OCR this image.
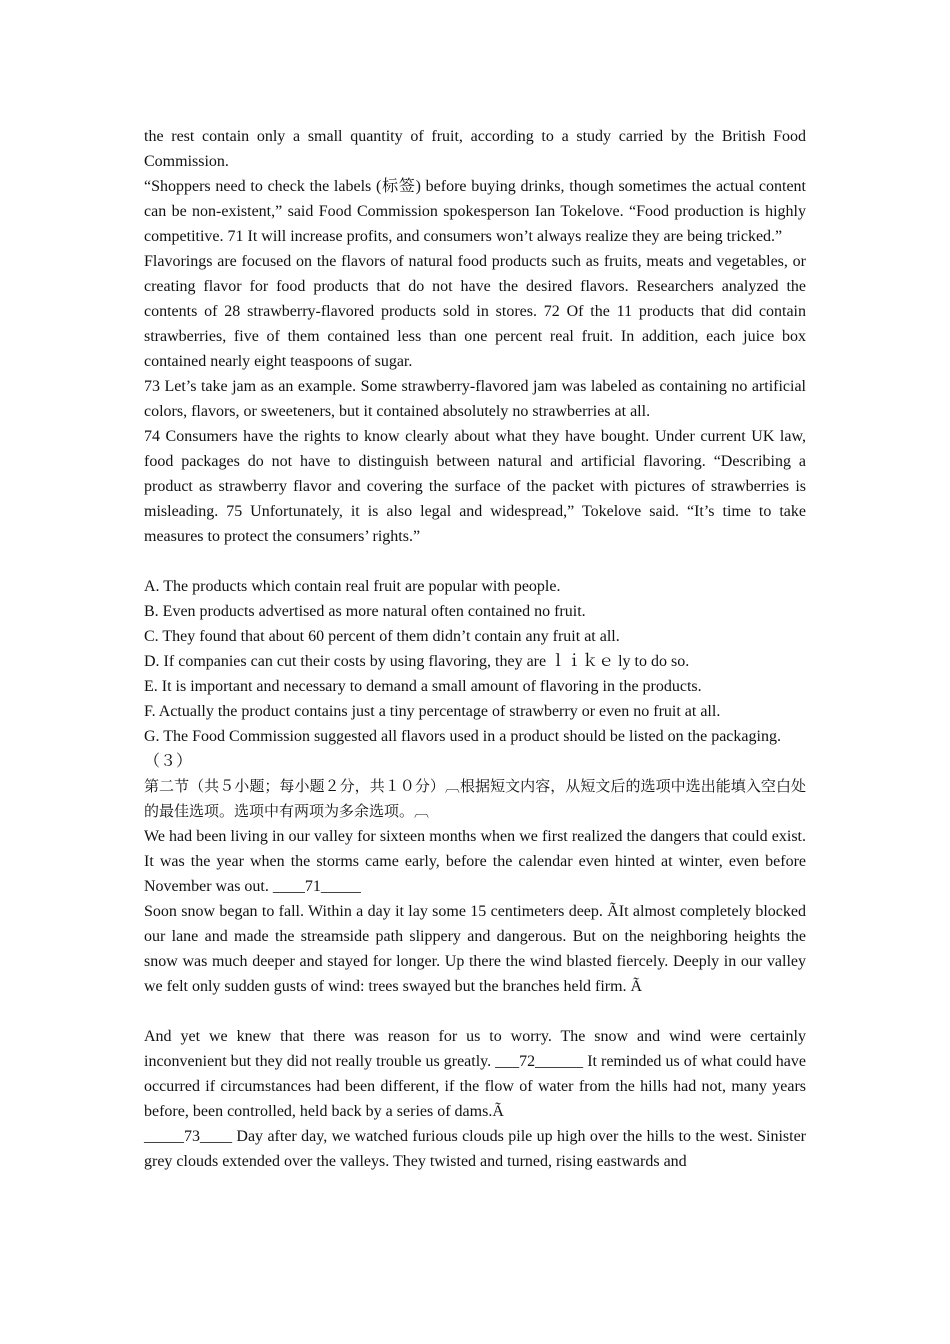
the rest contain only a small quantity of fruit, according to a study carried by the British Food Commission.

“Shoppers need to check the labels (标签) before buying drinks, though sometimes the actual content can be non-existent,” said Food Commission spokesperson Ian Tokelove. “Food production is highly competitive. 71 It will increase profits, and consumers won’t always realize they are being tricked.”

Flavorings are focused on the flavors of natural food products such as fruits, meats and vegetables, or creating flavor for food products that do not have the desired flavors. Researchers analyzed the contents of 28 strawberry-flavored products sold in stores. 72 Of the 11 products that did contain strawberries, five of them contained less than one percent real fruit. In addition, each juice box contained nearly eight teaspoons of sugar.

73 Let’s take jam as an example. Some strawberry-flavored jam was labeled as containing no artificial colors, flavors, or sweeteners, but it contained absolutely no strawberries at all.

74 Consumers have the rights to know clearly about what they have bought. Under current UK law, food packages do not have to distinguish between natural and artificial flavoring. “Describing a product as strawberry flavor and covering the surface of the packet with pictures of strawberries is misleading. 75 Unfortunately, it is also legal and widespread,” Tokelove said. “It’s time to take measures to protect the consumers’ rights.”

A. The products which contain real fruit are popular with people.

B. Even products advertised as more natural often contained no fruit.

C. They found that about 60 percent of them didn’t contain any fruit at all.

D. If companies can cut their costs by using flavoring, they are ｌｉｋｅ ly to do so.

E. It is important and necessary to demand a small amount of flavoring in the products.

F. Actually the product contains just a tiny percentage of strawberry or even no fruit at all.

G. The Food Commission suggested all flavors used in a product should be listed on the packaging.

（３）

第二节（共５小题；每小题２分，共１０分）︹根据短文内容，从短文后的选项中选出能填入空白处的最佳选项。选项中有两项为多余选项。︹

We had been living in our valley for sixteen months when we first realized the dangers that could exist. It was the year when the storms came early, before the calendar even hinted at winter, even before November was out. ____71_____

Soon snow began to fall. Within a day it lay some 15 centimeters deep. ÃIt almost completely blocked our lane and made the streamside path slippery and dangerous. But on the neighboring heights the snow was much deeper and stayed for longer. Up there the wind blasted fiercely. Deeply in our valley we felt only sudden gusts of wind: trees swayed but the branches held firm. Ã

And yet we knew that there was reason for us to worry. The snow and wind were certainly inconvenient but they did not really trouble us greatly. ___72______ It reminded us of what could have occurred if circumstances had been different, if the flow of water from the hills had not, many years before, been controlled, held back by a series of dams.Ã

_____73____ Day after day, we watched furious clouds pile up high over the hills to the west. Sinister grey clouds extended over the valleys. They twisted and turned, rising eastwards and
